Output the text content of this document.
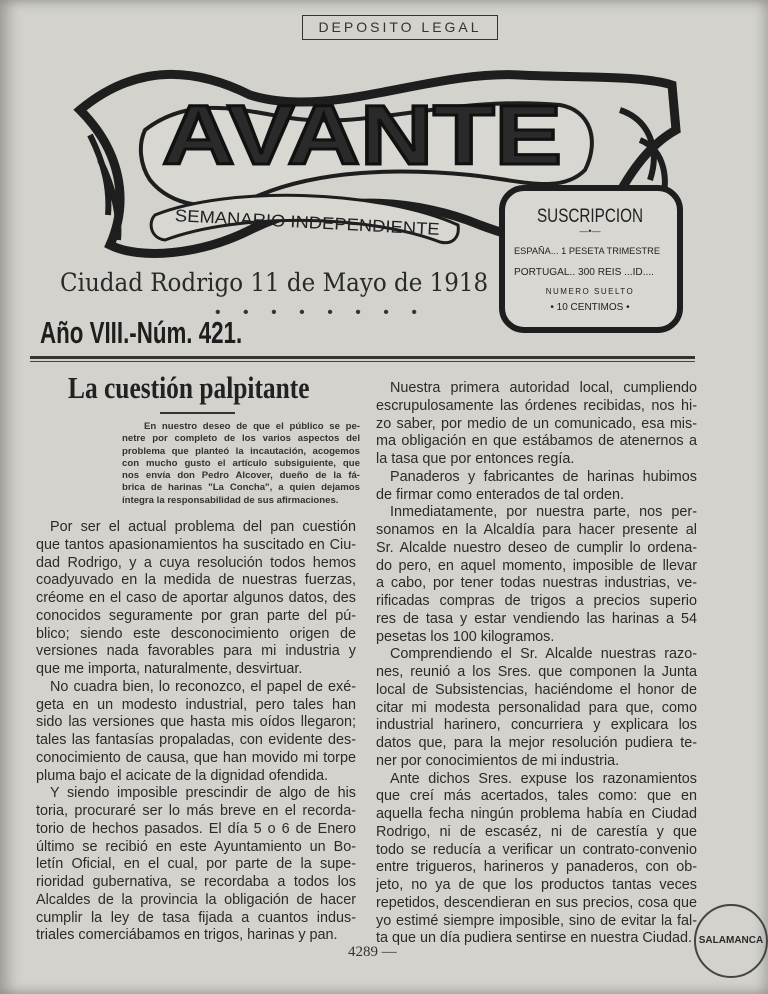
DEPOSITO LEGAL
AVANTE
SEMANARIO INDEPENDIENTE	SUSCRIPCION
—•—
ESPAÑA... 1 PESETA TRIMESTRE
PORTUGAL.. 300 REIS ...ID....
NUMERO SUELTO
• 10 CENTIMOS •
Ciudad Rodrigo 11 de Mayo de 1918
• • • • • • • •
Año VIII.-Núm. 421.
La cuestión palpitante
En nuestro deseo de que el público se pe-
netre por completo de los varios aspectos del
problema que planteó la incautación, acogemos
con mucho gusto el artículo subsiguiente, que
nos envía don Pedro Alcover, dueño de la fá-
brica de harinas "La Concha", a quien dejamos
íntegra la responsabilidad de sus afirmaciones.
Por ser el actual problema del pan cuestión
que tantos apasionamientos ha suscitado en Ciu-
dad Rodrigo, y a cuya resolución todos hemos
coadyuvado en la medida de nuestras fuerzas,
créome en el caso de aportar algunos datos, des
conocidos seguramente por gran parte del pú-
blico; siendo este desconocimiento origen de
versiones nada favorables para mi industria y
que me importa, naturalmente, desvirtuar.
No cuadra bien, lo reconozco, el papel de exé-
geta en un modesto industrial, pero tales han
sido las versiones que hasta mis oídos llegaron;
tales las fantasías propaladas, con evidente des-
conocimiento de causa, que han movido mi torpe
pluma bajo el acicate de la dignidad ofendida.
Y siendo imposible prescindir de algo de his
toria, procuraré ser lo más breve en el recorda-
torio de hechos pasados. El día 5 o 6 de Enero
último se recibió en este Ayuntamiento un Bo-
letín Oficial, en el cual, por parte de la supe-
rioridad gubernativa, se recordaba a todos los
Alcaldes de la provincia la obligación de hacer
cumplir la ley de tasa fijada a cuantos indus-
triales comerciábamos en trigos, harinas y pan.
Nuestra primera autoridad local, cumpliendo
escrupulosamente las órdenes recibidas, nos hi-
zo saber, por medio de un comunicado, esa mis-
ma obligación en que estábamos de atenernos a
la tasa que por entonces regía.
Panaderos y fabricantes de harinas hubimos
de firmar como enterados de tal orden.
Inmediatamente, por nuestra parte, nos per-
sonamos en la Alcaldía para hacer presente al
Sr. Alcalde nuestro deseo de cumplir lo ordena-
do pero, en aquel momento, imposible de llevar
a cabo, por tener todas nuestras industrias, ve-
rificadas compras de trigos a precios superio
res de tasa y estar vendiendo las harinas a 54
pesetas los 100 kilogramos.
Comprendiendo el Sr. Alcalde nuestras razo-
nes, reunió a los Sres. que componen la Junta
local de Subsistencias, haciéndome el honor de
citar mi modesta personalidad para que, como
industrial harinero, concurriera y explicara los
datos que, para la mejor resolución pudiera te-
ner por conocimientos de mi industria.
Ante dichos Sres. expuse los razonamientos
que creí más acertados, tales como: que en
aquella fecha ningún problema había en Ciudad
Rodrigo, ni de escaséz, ni de carestía y que
todo se reducía a verificar un contrato-convenio
entre trigueros, harineros y panaderos, con ob-
jeto, no ya de que los productos tantas veces
repetidos, descendieran en sus precios, cosa que
yo estimé siempre imposible, sino de evitar la fal-
ta que un día pudiera sentirse en nuestra Ciudad.
4289 —
SALAMANCA
